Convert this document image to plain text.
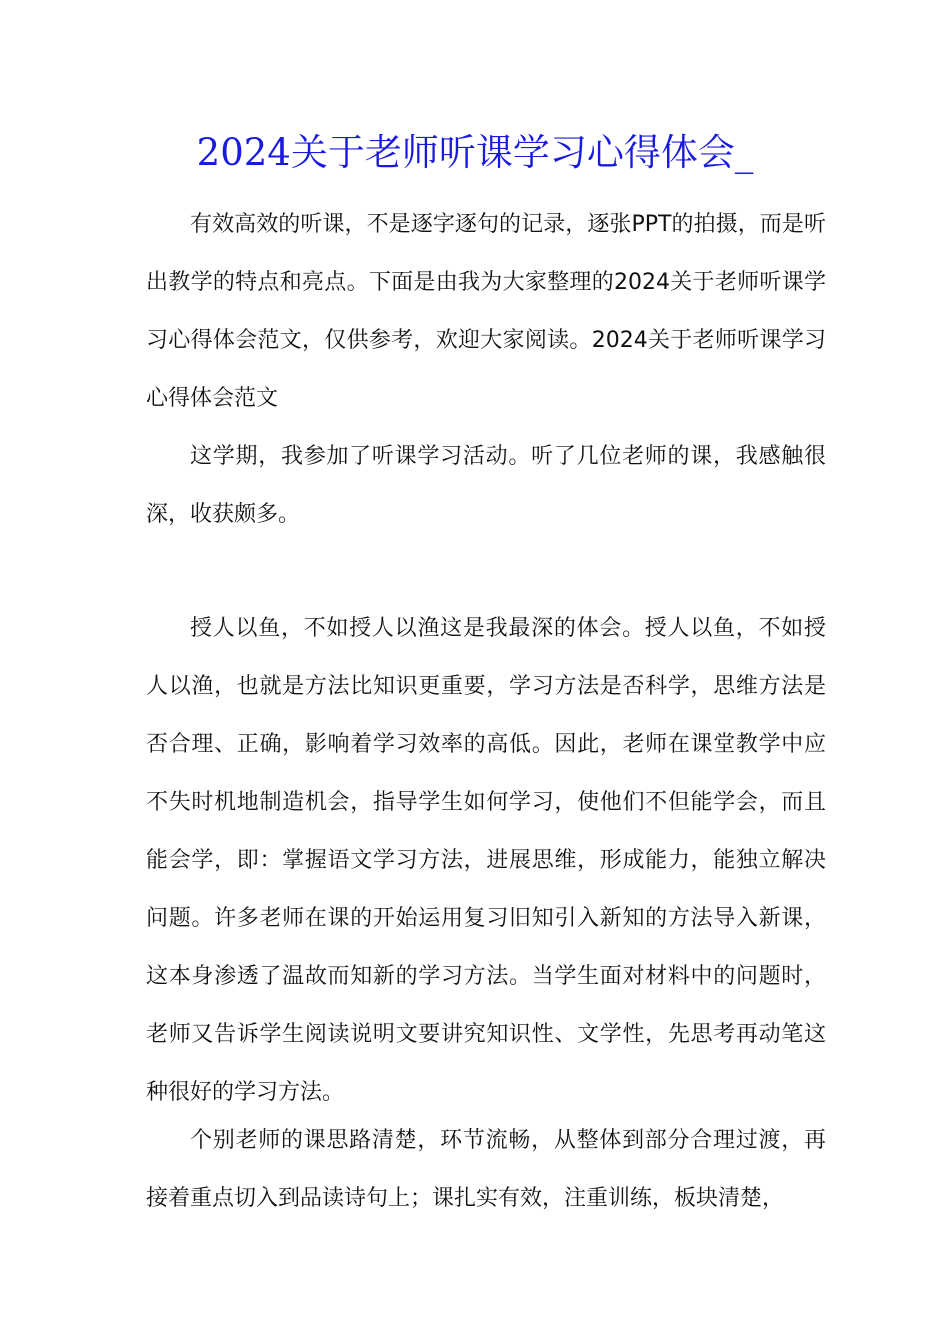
2024关于老师听课学习心得体会_

有效高效的听课，不是逐字逐句的记录，逐张PPT的拍摄，而是听出教学的特点和亮点。下面是由我为大家整理的2024关于老师听课学习心得体会范文，仅供参考，欢迎大家阅读。2024关于老师听课学习心得体会范文

这学期，我参加了听课学习活动。听了几位老师的课，我感触很深，收获颇多。

授人以鱼，不如授人以渔这是我最深的体会。授人以鱼，不如授人以渔，也就是方法比知识更重要，学习方法是否科学，思维方法是否合理、正确，影响着学习效率的高低。因此，老师在课堂教学中应不失时机地制造机会，指导学生如何学习，使他们不但能学会，而且能会学，即：掌握语文学习方法，进展思维，形成能力，能独立解决问题。许多老师在课的开始运用复习旧知引入新知的方法导入新课，这本身渗透了温故而知新的学习方法。当学生面对材料中的问题时，老师又告诉学生阅读说明文要讲究知识性、文学性，先思考再动笔这种很好的学习方法。

个别老师的课思路清楚，环节流畅，从整体到部分合理过渡，再接着重点切入到品读诗句上；课扎实有效，注重训练，板块清楚，
